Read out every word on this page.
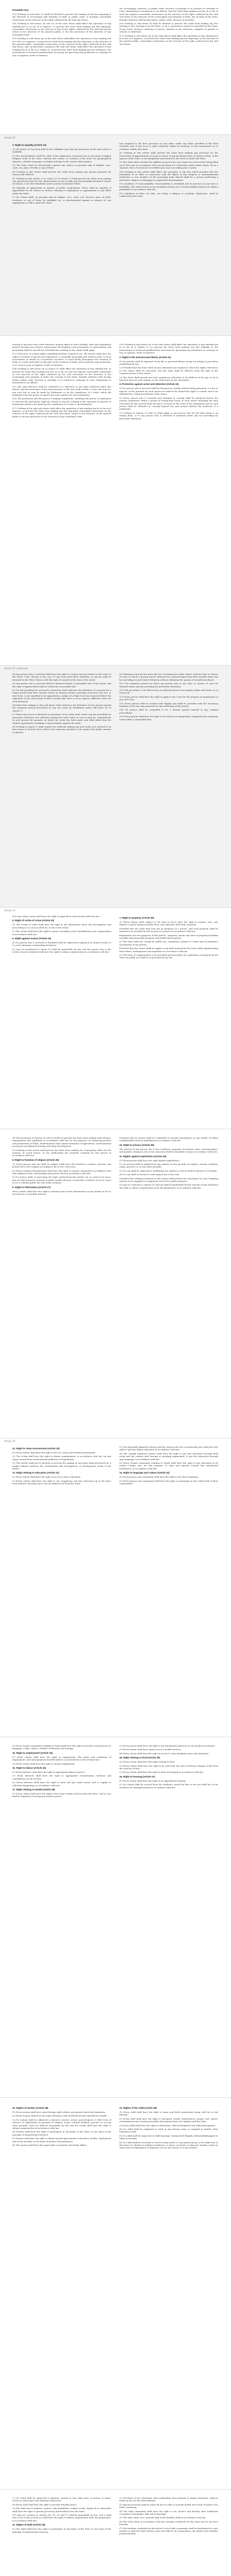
Preamble Fact

(13) Nothing in sub-clause (c) shall be deemed to prevent the making of any law imposing in the interests of sovereignty and integrity of India or public order or morality, reasonable restrictions on the exercise of the right conferred by the said sub-clause.

(14) Nothing in sub-clause (d) and (e) of the said clause shall affect the operation of any existing law in so far as it imposes, or prevent the State from making any law imposing, reasonable restrictions on the exercise of any of the rights conferred by the said sub-clauses either in the interests of the general public or for the protection of the interests of any Scheduled Tribe.

(15) Nothing in sub-clause (g) of the said clause shall affect the operation of any existing law in so far as it imposes, or prevent the State from making any law imposing, in the interests of the general public, reasonable restrictions on the exercise of the right conferred by the said sub-clause, and, in particular, nothing in the said sub-clause shall affect the operation of any existing law in so far as it relates to, or prevent the State from making any law relating to, the professional or technical qualifications necessary for practising any profession or carrying on any occupation, trade or business.

the Sovereignty, Interests, or public order, decency or morality or in relation to contempt of court, defamation or incitement to an offence, that the State from making any law, in so far as such law imposes reasonable restrictions on the exercise of the right conferred by the said sub-clause in the interests of the sovereignty and integrity of India, the security of the State, friendly relations with foreign States, public order, decency or morality.

(16) Nothing in sub-clause (f) shall be deemed to prevent the State from making any law relating to the carrying on by the State, or by a corporation owned or controlled by the State, of any trade, business, industry or service, whether to the exclusion, complete or partial, of citizens or otherwise.

(17) Nothing in sub-clause (g) of the said clause shall affect the operation of any existing law in so far as it imposes, or prevent the State from making any law imposing, in the interests of the general public, reasonable restrictions on the exercise of the right conferred by the said sub-clause.

Article 20
2. Right to equality (Article 14)

(1) (d) Article 20 has been held in the Lallubhai case that the protection of the said article is available.

(2) The discrimination shall be valid, if the application of general law to provision of higher religious body of the State, wherein the reason, or creation of law from one geographical situation, whether language or religion belongs to the various other parties.

(3) The State shall not discriminate against any citizen on grounds only of religion, race, caste, sex, place of birth or any of them.

(4) Nothing in this article shall prevent the State from making any special provision for women and children.

(5) Nothing in this article or in clause (2) of article 29 shall prevent the State from making any special provision for the advancement of any socially and educationally backward classes of citizens or for the Scheduled Castes and the Scheduled Tribes.

(6) Equality of opportunity in matters of public employment. There shall be equality of opportunity for all citizens in matters relating to employment or appointment to any office under the State.

(7) No citizen shall, on grounds only of religion, race, caste, sex, descent, place of birth, residence or any of them, be ineligible for, or discriminated against in respect of, any employment or office under the State.

and assigned to the first provision for any office under any State specified in the First Schedule and of any local or other authority within its territory, of any requirement as to residence within that State.

(8) Nothing in this article shall prevent the State from making any provision for the reservation of appointments or posts in favour of any backward class of citizens which, in the opinion of the State, is not adequately represented in the services under the State.

(9) The State shall consider the unfilled vacancies of a year which are reserved for being filled up in that year in accordance with any provision for reservation made under clause (4) as a separate class of vacancies to be filled up in any succeeding year or years.

(10) Nothing in this article shall affect the operation of any law which provides that the incumbent of an office in connection with the affairs of any religious or denominational institution or any member of the governing body thereof shall be a person professing a particular religion or belonging to a particular denomination.

(11) Abolition of Untouchability. Untouchability is abolished and its practice in any form is forbidden. The enforcement of any disability arising out of Untouchability shall be an offence punishable in accordance with law.

(12) Abolition of titles. No title, not being a military or academic distinction, shall be conferred by the State.

sharing of any and every other interests; human rights or other holding, rules and regulations passed through any revenue enforcement development and promotions in endorsement and promoting shall be introduced. Provided that nothing in this clause shall apply.

(13) Protection of certain rights regarding freedom of speech, etc. All citizens shall have the right to freedom of speech and expression; to assemble peaceably and without arms; to form associations or unions or co-operative societies; to move freely throughout the territory of India; to reside and settle in any part of the territory of India; and to practise any profession, or to carry on any occupation, trade or business.

(14) Nothing in sub-clause (a) of clause (1) shall affect the operation of any existing law, or prevent the State from making any law, in so far as such law imposes reasonable restrictions on the exercise of the right conferred by the said sub-clause in the interests of the sovereignty and integrity of India, the security of the State, friendly relations with foreign States, public order, decency or morality, or in relation to contempt of court, defamation or incitement to an offence.

(15) The said reference shall be construed as a reference to the right conferred under this article, and the protection of the said provisions of the law, shall include, as the case may be, any such law as may be made by Parliament or by the Legislature of a State, which the Parliament has the power of supervision and control over such authorities.

(16) The protection and the power of making regulations, including the power of authorities to exercise the said power, shall not extend to any law relating to the operation of any law or instrument which is not made by the Legislature of a State or by Parliament.

(17) Nothing in the said sub-clause shall affect the operation of any existing law in so far as it imposes, or prevent the State from making any law imposing, reasonable restrictions on the exercise of the right conferred by the said sub-clause, either in the interests of the general public or for the protection of the interests of any Scheduled Tribe.

(18) Nothing in sub-clause (g) of the said clause shall affect the operation of any existing law in so far as it relates to, or prevent the State from making any law relating to, the professional or technical qualifications necessary for practising any profession or carrying on any occupation, trade or business.

3. Right to life and personal liberty (Article 21)

(1) No person shall be deprived of his life or personal liberty except according to procedure established by law.

(2) Provided that the State shall, by law, determine the manner in which the rights referred to in this clause shall be exercised, and the same shall be effective from the date of the commencement of this article.

(3) The State shall provide free and compulsory education to all children of the age of six to fourteen years in such manner as the State may, by law, determine.

4. Protection against arrest and detention (Article 22)

(1) No person who is arrested shall be detained in custody without being informed, as soon as may be, of the grounds for such arrest nor shall he be denied the right to consult, and to be defended by, a legal practitioner of his choice.

(2) Every person who is arrested and detained in custody shall be produced before the nearest magistrate within a period of twenty-four hours of such arrest excluding the time necessary for the journey from the place of arrest to the court of the magistrate and no such person shall be detained in custody beyond the said period without the authority of a magistrate.

(3) Nothing in clauses (1) and (2) shall apply to any person who for the time being is an enemy alien; or to any person who is arrested or detained under any law providing for preventive detention.

Article 22 continued

(4) Any person who is arrested shall have the right to counsel and prevention in the order of the above court. Except in the case of any local prescribed authority, no person shall be detained in the Police Station with the right of counsel at the time of the arrest.

(5) Any person who is arrested shall be informed within a reasonable time of his arrest, and the right of appeal which shall be within the reasonable time.

(6) No law providing for preventive detention shall authorise the detention of a person for a longer period than three months unless an Advisory Board consisting of persons who are, or have been, or are qualified to be appointed as, Judges of a High Court has reported before the expiration of the said period of three months that there is in its opinion sufficient cause for such detention.

Provided that nothing in this sub-clause shall authorise the detention of any person beyond the maximum period prescribed by any law made by Parliament under sub-clause (b) of clause (7).

(7) When any person is detained in pursuance of an order made under any law providing for preventive detention, the authority making the order shall, as soon as may be, communicate to such person the grounds on which the order has been made and shall afford him the earliest opportunity of making a representation against the order.

(8) Nothing in clause (7) shall require the authority making any such order as is referred to in that clause to disclose facts which such authority considers to be against the public interest to disclose.

(9) Parliament may by law prescribe the circumstances under which, and the class or classes of cases in which, a person may be detained for a period longer than three months under any law providing for preventive detention without obtaining the opinion of an Advisory Board.

(10) The maximum period for which any person may in any class or classes of cases be detained under any law providing for preventive detention.

(11) The procedure to be followed by an Advisory Board in an inquiry under sub-clause (a) of clause (4).

(12) Every person shall have the right to apply to the court for the purpose of examination of any such case.

(13) Every person shall be treated with dignity and shall be provided with the necessary facilities as the law may prescribe for the well-being of the person.

(14) No person shall be compelled to be a witness against himself in any criminal proceedings.

(15) Every person shall have the right to be tried by an independent, impartial and competent court within a reasonable time.

Article 23

(16) Any subject party shall have the right to legal aid as may be prescribed by law.

5. Right of victim of crime (Article 23)

(1) The victim of crime shall have the right to get information about the investigation and proceedings of a case in which he or she is the victim.

(2) The victim shall have the right to justice including social rehabilitation and compensation in accordance with law.

6. Right against torture (Article 24)

(1) No person who is arrested or detained shall be subjected to physical or mental torture or to cruel, inhuman or degrading treatment.

(2) Any act mentioned in clause (1) shall be punishable by law, and the person who is the victim of such treatment shall have the right to obtain compensation in accordance with law.

7. Right to property (Article 25)

(1) Every citizen shall, subject to the laws in force, have the right to acquire, own, sell, dispose, acquire business profits from, and otherwise deal with, property.

Provided that the State may levy tax on property of a person, and such property shall be deemed to be included in the income of a person in accordance with law.

Explanation: For the purposes of this Article, "property" means any form of property including movable and immovable property and intellectual property.

(2) The State shall not, except for public use, requisition, acquire or create any encumbrance on property of any person.

Provided that this clause shall not apply to any land acquired by the State while implementing land reform, management and regulation in accordance with law.

(3) The basis of compensation to be provided and procedure for requisition of property by the State for public use shall be as provided for by law.

(4) The provisions of clauses (2) and (3) shall not prevent the State from making land reforms, management and regulation in accordance with law for the purposes of enhancing product and productivity of lands, modernization and commercialization of agriculture, environmental protection and planned housing and urban development.

(5) Nothing in this article shall prevent the State from making use of property, either for the purpose of social justice, or for reallocating the property acquired by any person in accordance with law.

8. Right to freedom of religion (Article 26)

(1) Every person who has faith in religion shall have the freedom to profess, practise and protect his or her religion according to his or her conviction.

(2) Every religious denomination shall have the right to operate and protect its religious sites and religious trusts, and manage and protect them in accordance with law.

(3) No person shall, in exercising the right conferred by this Article, do, or cause to be done, any act which may be contrary to public health, decency or morality or behave or act or cause to act to disturb public law and order situation.

9. Right to information (Article 27)

Every citizen shall have the right to demand and receive information on any matter of his or her interest or of public interest.

Provided that no person shall be compelled to provide information on any matter of which confidentiality must be maintained in accordance with law.

10. Right to privacy (Article 28)

The privacy of any person, his or her residence, property, documents, data, correspondence and matters relating to his or her character shall be inviolable except in accordance with law.

11. Rights against exploitation (Article 29)

(1) Every person shall have the right against exploitation.

(2) No person shall be exploited in any manner on the grounds of religion, custom, tradition, usage, practice or on any other grounds.

(3) No one shall be subjected to trafficking nor shall he or she be held in slavery or servitude.

(4) No one shall be forced to work against his or her will.

Provided that nothing contained in this clause shall prevent the enactment of a law requiring citizens to be engaged in compulsory service for public purposes.

(5) Any act contrary to clauses (3) and (4) shall be punishable by law and the victim shall have the right to obtain compensation from the perpetrator in accordance with law.

Article 30
12. Right to clean environment (Article 30)

(1) Every citizen shall have the right to live in a clean and healthy environment.

(2) The victim shall have the right to obtain compensation, in accordance with law, for any injury caused from environmental pollution or degradation.

(3) This Article shall not be deemed to prevent the making of necessary legal provisions for a proper balance between the environment and development, in development works of the nation.

13. Right relating to education (Article 31)

(1) Every citizen shall have the right of access to basic education.

(2) Every citizen shall have the right to get compulsory and free education up to the basic level and free education up to the secondary level from the State.

(3) The physically impaired citizens and the citizens who are economically poor shall have the right to get free higher education in accordance with law.

(4) The visually impaired citizens shall have the right to get free education through brail script and the citizens with hearing or speaking impairment, to get free education through sign language, in accordance with law.

(5) Every Nepali community residing in Nepal shall have the right to get education in its mother tongue and, for that purpose, to open and operate schools and educational institutions, in accordance with law.

14. Right to language and culture (Article 32)

(1) Every person and community shall have the right to use their languages.

(2) Every person and community shall have the right to participate in the cultural life of their communities.

(3) Every Nepali community residing in Nepal shall have the right to preserve and promote its language, script, culture, cultural civilization and heritage.

15. Right to employment (Article 33)

(1) Every citizen shall have the right to employment. The terms and conditions of employment, and unemployment benefit shall be as provided for in the Federal law.

(2) Every citizen shall have the right to choose employment.

16. Right to labour (Article 34)

(1) Every labourer shall have the right to appropriate labour practice.

(2) Every labourer shall have the right to appropriate remuneration, facilities and contributory social security.

(3) Every labourer shall have the right to form and join trade unions and to engage in collective bargaining, in accordance with law.

17. Right relating to health (Article 35)

(1) Every citizen shall have the right to free basic health services from the State, and no one shall be deprived of emergency health services.

(2) Every person shall have the right to get information about his or her medical treatment.

(3) Every citizen shall have equal access to health services.

(4) Every citizen shall have the right of access to clean drinking water and sanitation.

18. Right relating to food (Article 36)

(1) Every citizen shall have the right relating to food.

(2) Every citizen shall have the right to be safe from the state of being in danger of life from the scarcity of food.

(3) Every citizen shall have the right to food sovereignty in accordance with law.

19. Right to housing (Article 37)

(1) Every citizen shall have the right to an appropriate housing.

(2) No citizen shall be evicted from the residence owned by him or her nor shall his or her residence be infringed except in accordance with law.

20. Rights of women (Article 38)

(1) Every woman shall have equal lineage right without any gender based discrimination.

(2) Every woman shall have the right relating to safe motherhood and reproductive health.

(3) No woman shall be subjected to physical, mental, sexual, psychological or other form of violence or exploitation on grounds of religion, social, cultural tradition, practice or on any other grounds. Such act shall be punishable by law, and the victim shall have the right to obtain compensation in accordance with law.

(4) Women shall have the right to participate in all bodies of the State on the basis of the principle of proportional inclusion.

(5) Women shall have the right to obtain special opportunity in education, health, employment and social security, on the basis of positive discrimination.

(6) The spouse shall have the equal right to property and family affairs.

21. Rights of the child (Article 39)

(1) Every child shall have the right to name and birth registration along with his or her identity.

(2) Every child shall have the right to education, health, maintenance, proper care, sports, entertainment and overall personality development from the families and the State.

(3) Every child shall have the right to elementary child development and child participation.

(4) No child shall be employed to work in any factory, mine or engaged in similar other hazardous work.

(5) No child shall be subjected to child marriage, transported illegally, abducted/kidnapped or taken in hostage.

(6) No child shall be recruited or used in army, police or any armed group, or be subjected, in the name of cultural or religious traditions, to abuse, exclusion or physical, mental, sexual or other form of exploitation or improper use by any means or in any manner.

(7) No child shall be subjected to physical, mental or any other form of torture in home, school or other place and situation whatsoever.

(8) Every child shall have the right to juvenile friendly justice.

(9) The child who is helpless, orphan, with disabilities, conflict victim, displaced or vulnerable shall have the right to special protection and facilities from the State.

(10) Any act contrary to clauses (4), (5), (6) and (7) shall be punishable by law, and a child who is the victim of such act shall have the right to obtain compensation from the perpetrator, in accordance with law.

22. Rights of Dalit (Article 40)

(1) The Dalit shall have the right to participate in all bodies of the State on the basis of the principle of proportional inclusion.

(2) Provision of free education with scholarship, from primary to higher education, shall be made by law for the Dalit students.

(3) Special provision shall be made by law in order to provide health and social security to the Dalit community.

(4) The Dalit community shall have the right to use, protect and develop their traditional occupation, knowledge, skill and technology.

(5) The State shall, once, provide land to the landless Dalit in accordance with law.

(6) The State shall, in accordance with law, arrange settlement for the Dalit who do not have housing.

(7) The facilities conferred by this Article to the Dalit community shall be distributed in a just manner so that the Dalit women, men and Dalit in all communities can obtain such facilities proportionately.
